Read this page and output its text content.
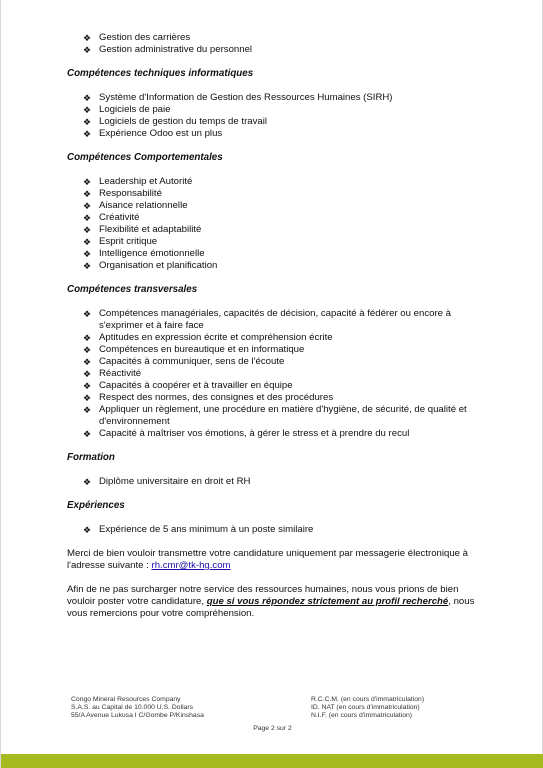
❖ Gestion des carrières
❖ Gestion administrative du personnel
Compétences techniques informatiques
❖ Système d'Information de Gestion des Ressources Humaines (SIRH)
❖ Logiciels de paie
❖ Logiciels de gestion du temps de travail
❖ Expérience Odoo est un plus
Compétences Comportementales
❖ Leadership et Autorité
❖ Responsabilité
❖ Aisance relationnelle
❖ Créativité
❖ Flexibilité et adaptabilité
❖ Esprit critique
❖ Intelligence émotionnelle
❖ Organisation et planification
Compétences transversales
❖ Compétences managériales, capacités de décision, capacité à fédérer ou encore à s'exprimer et à faire face
❖ Aptitudes en expression écrite et compréhension écrite
❖ Compétences en bureautique et en informatique
❖ Capacités à communiquer, sens de l'écoute
❖ Réactivité
❖ Capacités à coopérer et à travailler en équipe
❖ Respect des normes, des consignes et des procédures
❖ Appliquer un règlement, une procédure en matière d'hygiène, de sécurité, de qualité et d'environnement
❖ Capacité à maîtriser vos émotions, à gérer le stress et à prendre du recul
Formation
❖ Diplôme universitaire en droit et RH
Expériences
❖ Expérience de 5 ans minimum à un poste similaire

Merci de bien vouloir transmettre votre candidature uniquement par messagerie électronique à l'adresse suivante : rh.cmr@tk-hg.com

Afin de ne pas surcharger notre service des ressources humaines, nous vous prions de bien vouloir poster votre candidature, que si vous répondez strictement au profil recherché, nous vous remercions pour votre compréhension.

Congo Mineral Resources Company
S.A.S. au Capital de 10.000 U.S. Dollars
55/A Avenue Lukusa I C/Gombe P/Kinshasa
R.C.C.M. (en cours d'immatriculation)
ID. NAT (en cours d'immatriculation)
N.I.F. (en cours d'immatriculation)
Page 2 sur 2
